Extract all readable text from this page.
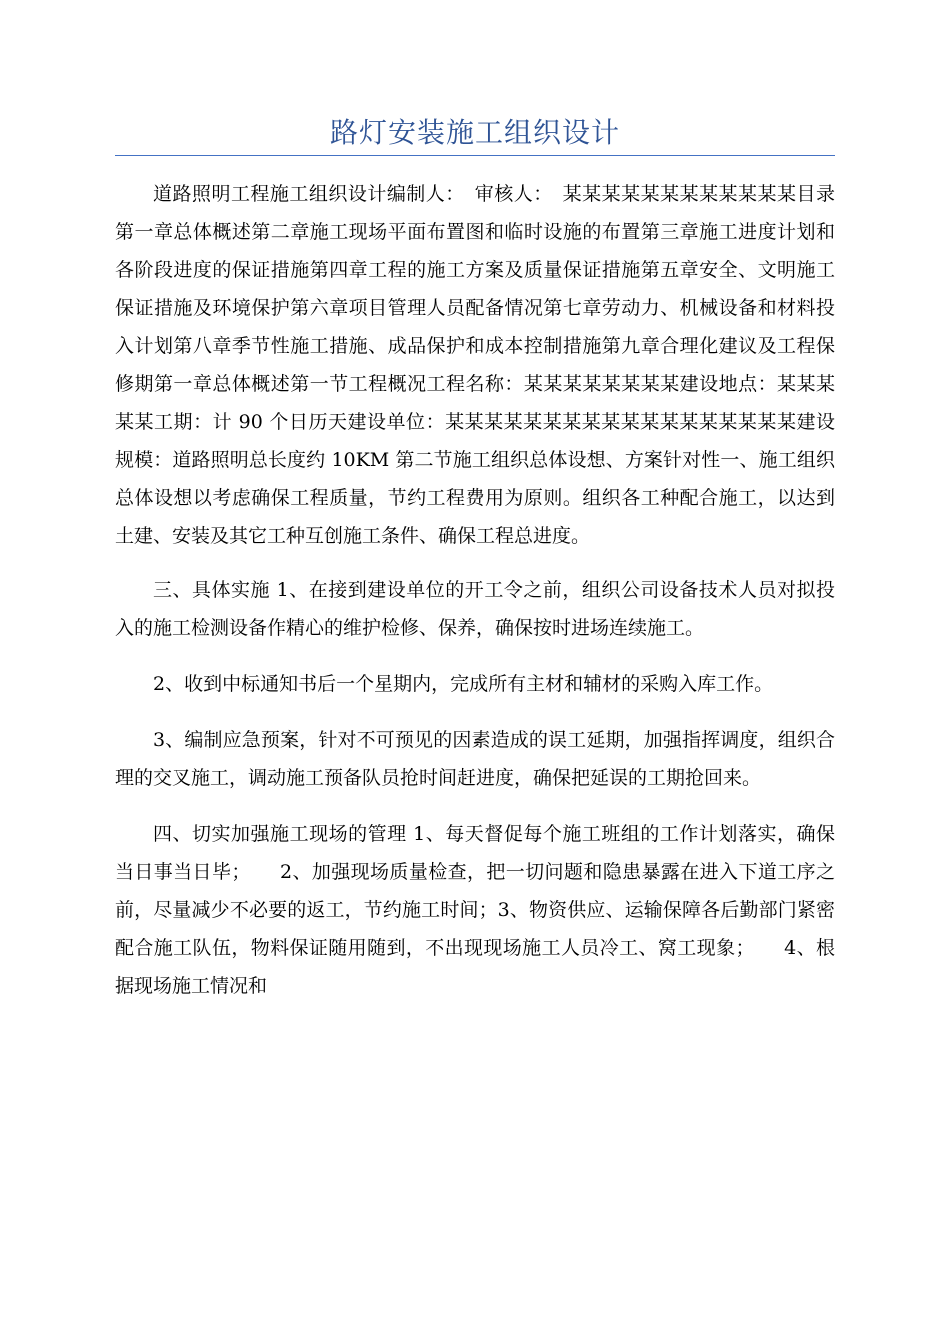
路灯安装施工组织设计

道路照明工程施工组织设计编制人：　审核人：　某某某某某某某某某某某某目录第一章总体概述第二章施工现场平面布置图和临时设施的布置第三章施工进度计划和各阶段进度的保证措施第四章工程的施工方案及质量保证措施第五章安全、文明施工保证措施及环境保护第六章项目管理人员配备情况第七章劳动力、机械设备和材料投入计划第八章季节性施工措施、成品保护和成本控制措施第九章合理化建议及工程保修期第一章总体概述第一节工程概况工程名称：某某某某某某某某建设地点：某某某某某工期：计 90 个日历天建设单位：某某某某某某某某某某某某某某某某某某建设规模：道路照明总长度约 10KM 第二节施工组织总体设想、方案针对性一、施工组织总体设想以考虑确保工程质量，节约工程费用为原则。组织各工种配合施工，以达到土建、安装及其它工种互创施工条件、确保工程总进度。

三、具体实施 1、在接到建设单位的开工令之前，组织公司设备技术人员对拟投入的施工检测设备作精心的维护检修、保养，确保按时进场连续施工。

2、收到中标通知书后一个星期内，完成所有主材和辅材的采购入库工作。

3、编制应急预案，针对不可预见的因素造成的误工延期，加强指挥调度，组织合理的交叉施工，调动施工预备队员抢时间赶进度，确保把延误的工期抢回来。

四、切实加强施工现场的管理 1、每天督促每个施工班组的工作计划落实，确保当日事当日毕；　　2、加强现场质量检查，把一切问题和隐患暴露在进入下道工序之前，尽量减少不必要的返工，节约施工时间；3、物资供应、运输保障各后勤部门紧密配合施工队伍，物料保证随用随到，不出现现场施工人员冷工、窝工现象；　　4、根据现场施工情况和
